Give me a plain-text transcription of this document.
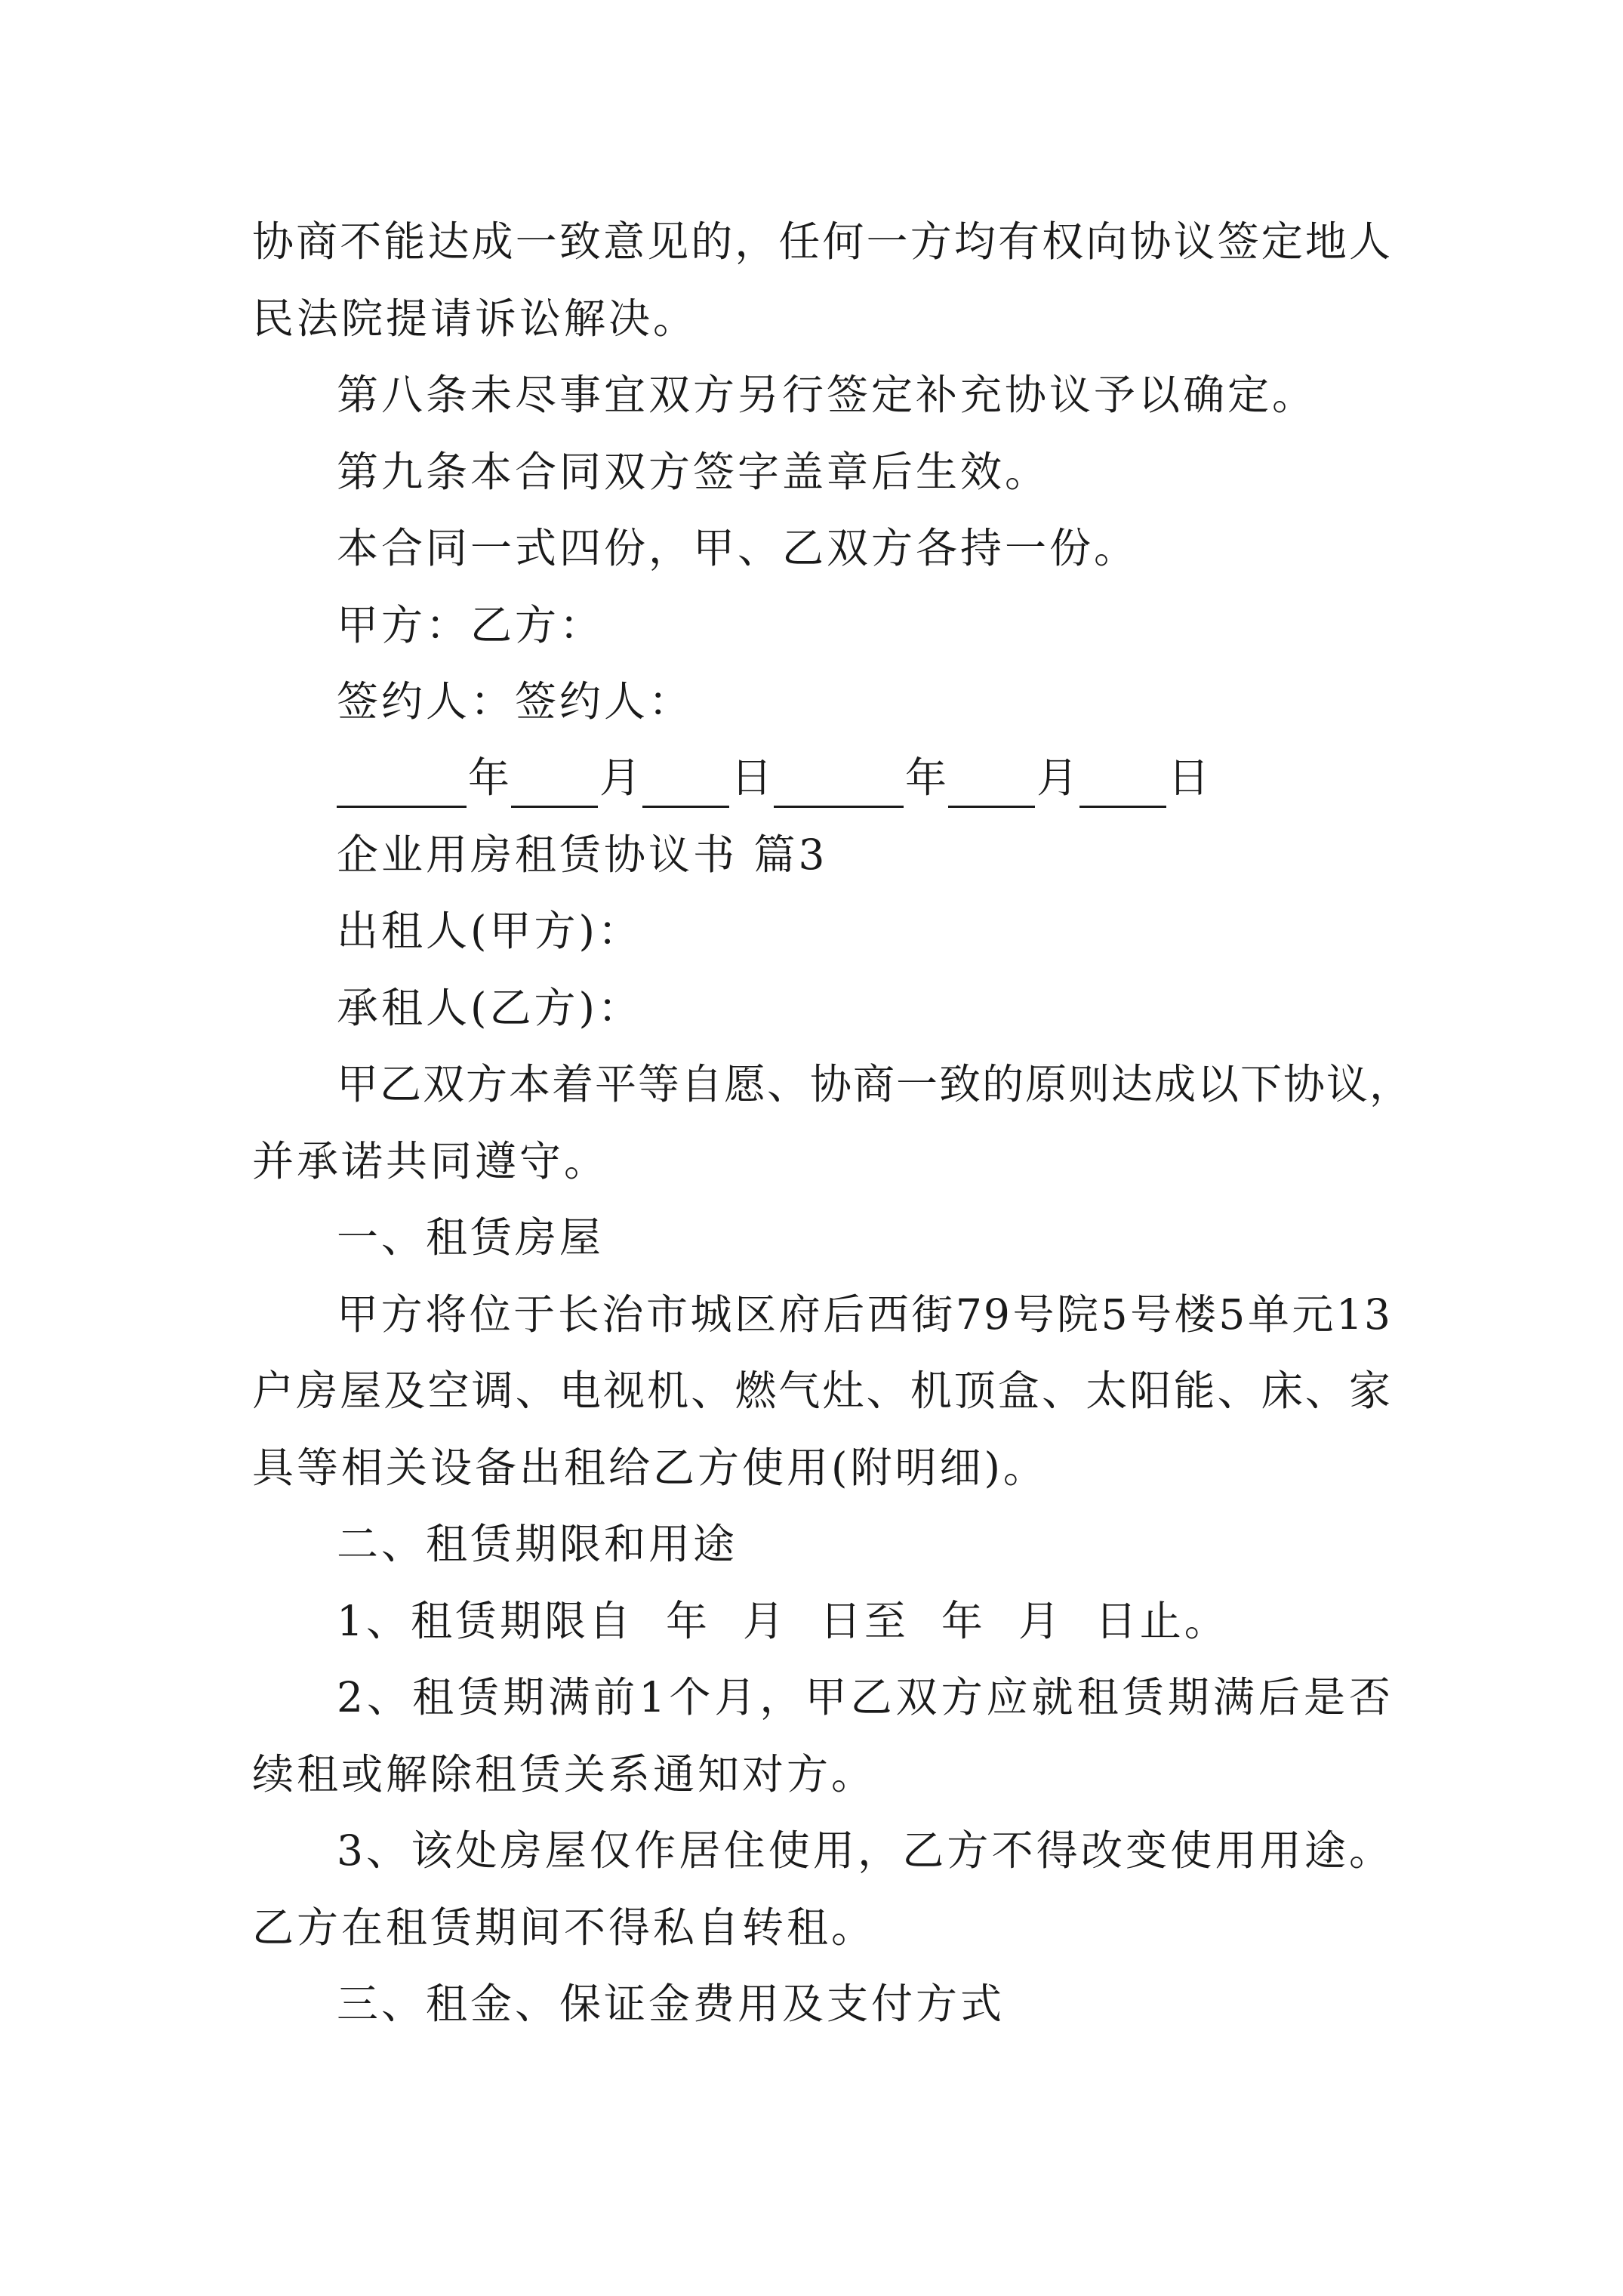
协商不能达成一致意见的，任何一方均有权向协议签定地人
民法院提请诉讼解决。
第八条未尽事宜双方另行签定补充协议予以确定。
第九条本合同双方签字盖章后生效。
本合同一式四份，甲、乙双方各持一份。
甲方：乙方：
签约人：签约人：
年 月 日	年 月 日
企业用房租赁协议书 篇3
出租人(甲方)：
承租人(乙方)：
甲乙双方本着平等自愿、协商一致的原则达成以下协议，
并承诺共同遵守。
一、租赁房屋
甲方将位于长治市城区府后西街79号院5号楼5单元13
户房屋及空调、电视机、燃气灶、机顶盒、太阳能、床、家
具等相关设备出租给乙方使用(附明细)。
二、租赁期限和用途
1、租赁期限自  年  月  日至  年  月  日止。
2、租赁期满前1个月，甲乙双方应就租赁期满后是否
续租或解除租赁关系通知对方。
3、该处房屋仅作居住使用，乙方不得改变使用用途。
乙方在租赁期间不得私自转租。
三、租金、保证金费用及支付方式
